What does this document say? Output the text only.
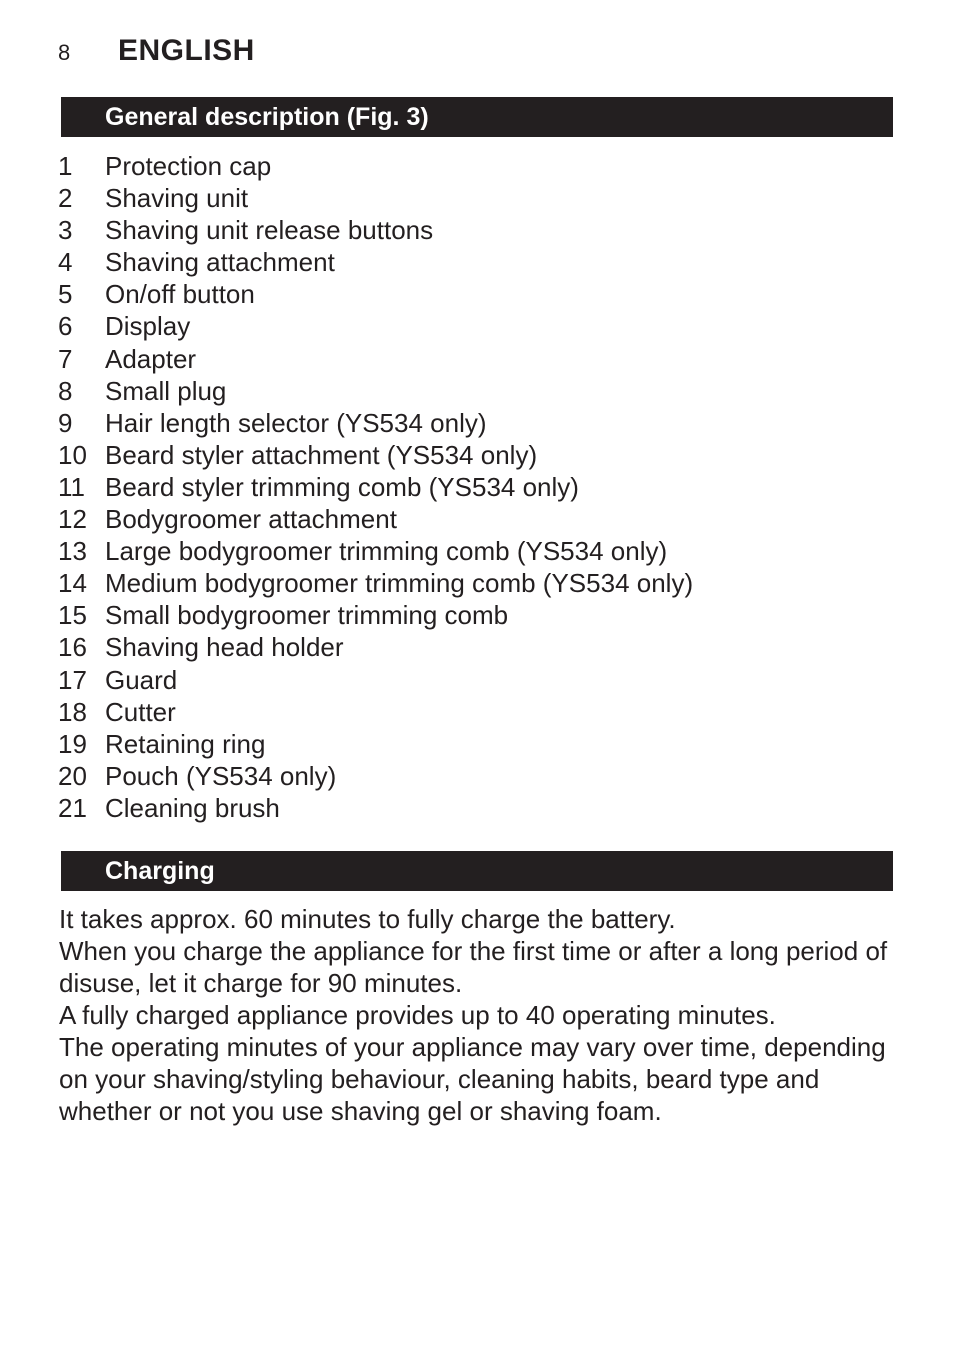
8	ENGLISH
General description (Fig. 3)
1	Protection cap
2	Shaving unit
3	Shaving unit release buttons
4	Shaving attachment
5	On/off button
6	Display
7	Adapter
8	Small plug
9	Hair length selector (YS534 only)
10 Beard styler attachment (YS534 only)
11 Beard styler trimming comb (YS534 only)
12 Bodygroomer attachment
13 Large bodygroomer trimming comb (YS534 only)
14 Medium bodygroomer trimming comb (YS534 only)
15 Small bodygroomer trimming comb
16 Shaving head holder
17 Guard
18 Cutter
19 Retaining ring
20 Pouch (YS534 only)
21 Cleaning brush
Charging

It takes approx. 60 minutes to fully charge the battery.

When you charge the appliance for the first time or after a long period of disuse, let it charge for 90 minutes.

A fully charged appliance provides up to 40 operating minutes.

The operating minutes of your appliance may vary over time, depending on your shaving/styling behaviour, cleaning habits, beard type and whether or not you use shaving gel or shaving foam.
